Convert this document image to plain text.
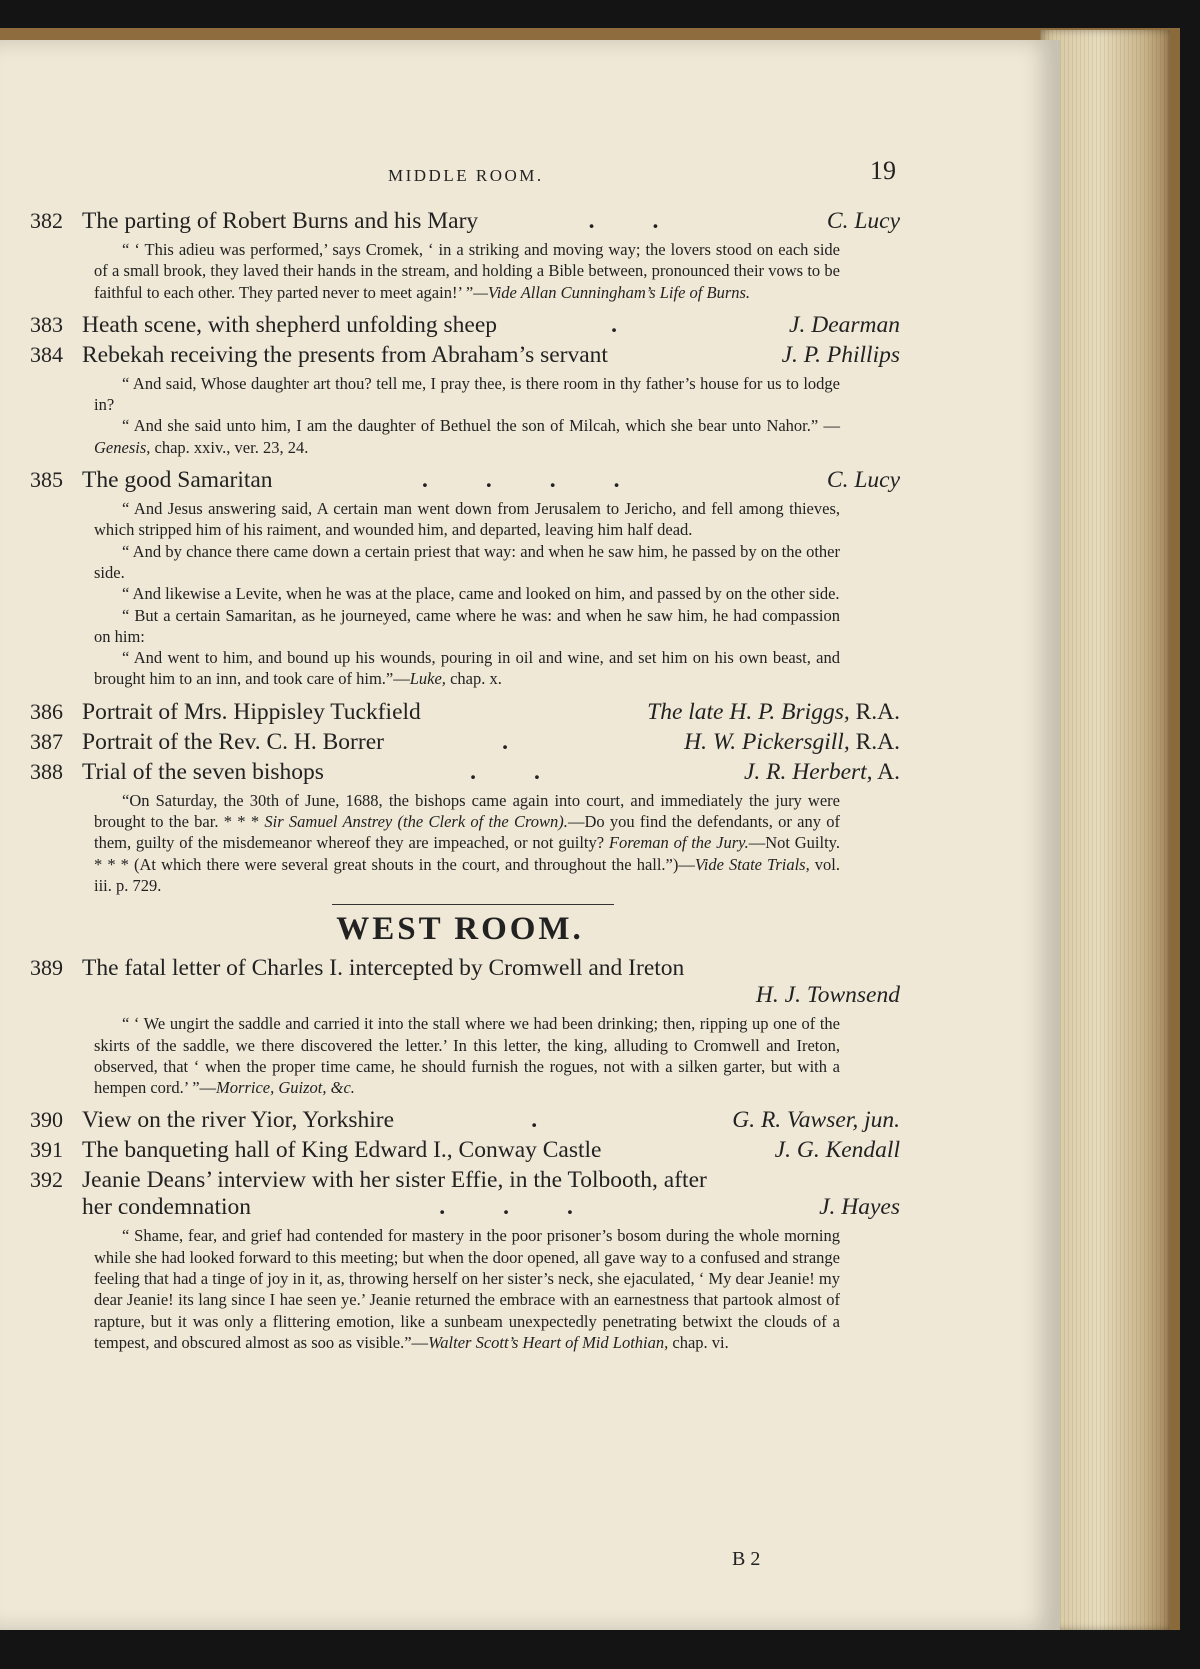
MIDDLE ROOM.	19
382 The parting of Robert Burns and his Mary	..	C. Lucy

“ ‘ This adieu was performed,’ says Cromek, ‘ in a striking and moving way; the lovers stood on each side of a small brook, they laved their hands in the stream, and holding a Bible between, pronounced their vows to be faithful to each other. They parted never to meet again!’ ”—Vide Allan Cunningham’s Life of Burns.

383 Heath scene, with shepherd unfolding sheep	.	J. Dearman
384 Rebekah receiving the presents from Abraham’s servant	J. P. Phillips

“ And said, Whose daughter art thou? tell me, I pray thee, is there room in thy father’s house for us to lodge in?

“ And she said unto him, I am the daughter of Bethuel the son of Milcah, which she bear unto Nahor.” —Genesis, chap. xxiv., ver. 23, 24.

385 The good Samaritan	....	C. Lucy

“ And Jesus answering said, A certain man went down from Jerusalem to Jericho, and fell among thieves, which stripped him of his raiment, and wounded him, and departed, leaving him half dead.

“ And by chance there came down a certain priest that way: and when he saw him, he passed by on the other side.

“ And likewise a Levite, when he was at the place, came and looked on him, and passed by on the other side.

“ But a certain Samaritan, as he journeyed, came where he was: and when he saw him, he had compassion on him:

“ And went to him, and bound up his wounds, pouring in oil and wine, and set him on his own beast, and brought him to an inn, and took care of him.”—Luke, chap. x.

386 Portrait of Mrs. Hippisley Tuckfield	The late H. P. Briggs, R.A.
387 Portrait of the Rev. C. H. Borrer	.	H. W. Pickersgill, R.A.
388 Trial of the seven bishops	..	J. R. Herbert, A.

“On Saturday, the 30th of June, 1688, the bishops came again into court, and immediately the jury were brought to the bar. * * * Sir Samuel Anstrey (the Clerk of the Crown).—Do you find the defendants, or any of them, guilty of the misdemeanor whereof they are impeached, or not guilty? Foreman of the Jury.—Not Guilty. * * * (At which there were several great shouts in the court, and throughout the hall.”)—Vide State Trials, vol. iii. p. 729.

WEST ROOM.
389 The fatal letter of Charles I. intercepted by Cromwell and Ireton
H. J. Townsend

“ ‘ We ungirt the saddle and carried it into the stall where we had been drinking; then, ripping up one of the skirts of the saddle, we there discovered the letter.’ In this letter, the king, alluding to Cromwell and Ireton, observed, that ‘ when the proper time came, he should furnish the rogues, not with a silken garter, but with a hempen cord.’ ”—Morrice, Guizot, &c.

390 View on the river Yior, Yorkshire	.	G. R. Vawser, jun.
391 The banqueting hall of King Edward I., Conway Castle	J. G. Kendall
392 Jeanie Deans’ interview with her sister Effie, in the Tolbooth, after
her condemnation	...	J. Hayes

“ Shame, fear, and grief had contended for mastery in the poor prisoner’s bosom during the whole morning while she had looked forward to this meeting; but when the door opened, all gave way to a confused and strange feeling that had a tinge of joy in it, as, throwing herself on her sister’s neck, she ejaculated, ‘ My dear Jeanie! my dear Jeanie! its lang since I hae seen ye.’ Jeanie returned the embrace with an earnestness that partook almost of rapture, but it was only a flittering emotion, like a sunbeam unexpectedly penetrating betwixt the clouds of a tempest, and obscured almost as soo as visible.”—Walter Scott’s Heart of Mid Lothian, chap. vi.

B 2
